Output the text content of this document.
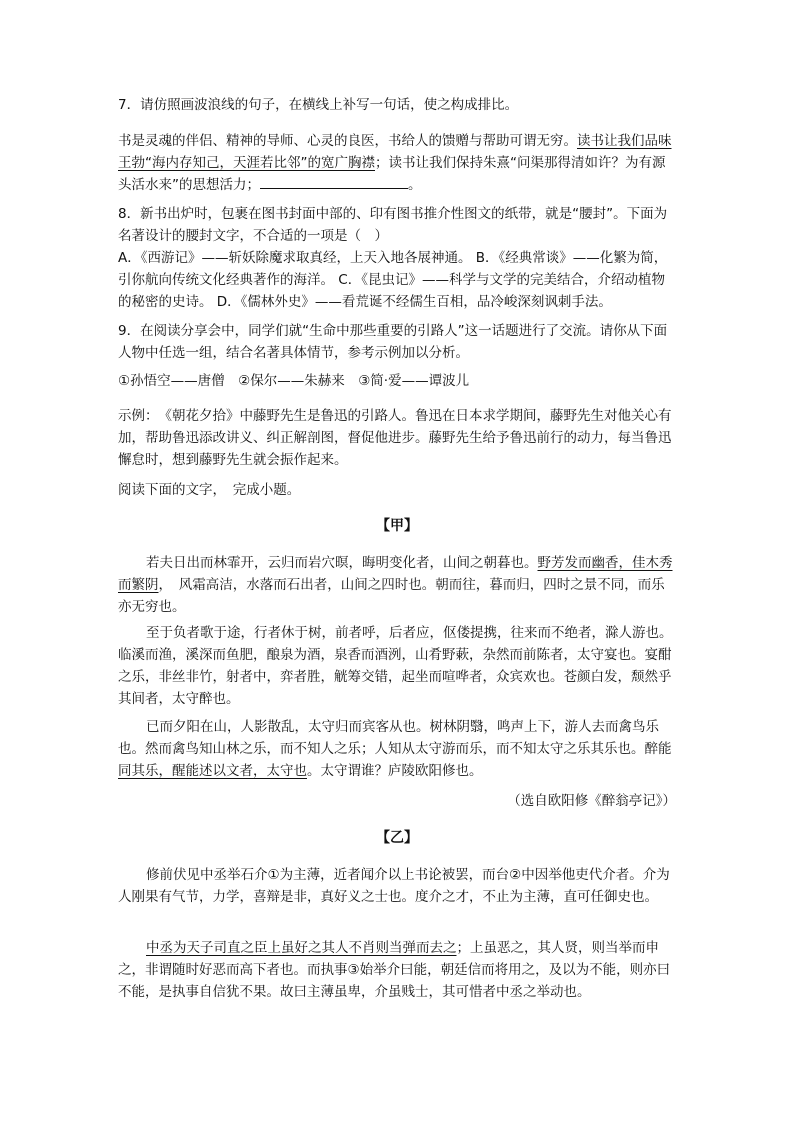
7．请仿照画波浪线的句子，在横线上补写一句话，使之构成排比。

书是灵魂的伴侣、精神的导师、心灵的良医，书给人的馈赠与帮助可谓无穷。读书让我们品味王勃“海内存知己，天涯若比邻”的宽广胸襟；读书让我们保持朱熹“问渠那得清如许？为有源头活水来”的思想活力；	。

8．新书出炉时，包裹在图书封面中部的、印有图书推介性图文的纸带，就是“腰封”。下面为名著设计的腰封文字，不合适的一项是（　）

A．《西游记》——斩妖除魔求取真经，上天入地各展神通。 B．《经典常谈》——化繁为简，引你航向传统文化经典著作的海洋。 C．《昆虫记》——科学与文学的完美结合，介绍动植物的秘密的史诗。 D．《儒林外史》——看荒诞不经儒生百相，品冷峻深刻讽刺手法。

9．在阅读分享会中，同学们就“生命中那些重要的引路人”这一话题进行了交流。请你从下面人物中任选一组，结合名著具体情节，参考示例加以分析。

①孙悟空——唐僧　②保尔——朱赫来　③简·爱——谭波儿

示例：　《朝花夕拾》中藤野先生是鲁迅的引路人。鲁迅在日本求学期间，藤野先生对他关心有加，帮助鲁迅添改讲义、纠正解剖图，督促他进步。藤野先生给予鲁迅前行的动力，每当鲁迅懈怠时，想到藤野先生就会振作起来。

阅读下面的文字，　完成小题。

【甲】

若夫日出而林霏开，云归而岩穴暝，晦明变化者，山间之朝暮也。野芳发而幽香，佳木秀而繁阴，　风霜高洁，水落而石出者，山间之四时也。朝而往，暮而归，四时之景不同，而乐亦无穷也。

至于负者歌于途，行者休于树，前者呼，后者应，伛偻提携，往来而不绝者，滁人游也。临溪而渔，溪深而鱼肥，酿泉为酒，泉香而酒洌，山肴野蔌，杂然而前陈者，太守宴也。宴酣之乐，非丝非竹，射者中，弈者胜，觥筹交错，起坐而喧哗者，众宾欢也。苍颜白发，颓然乎其间者，太守醉也。

已而夕阳在山，人影散乱，太守归而宾客从也。树林阴翳，鸣声上下，游人去而禽鸟乐也。然而禽鸟知山林之乐，而不知人之乐；人知从太守游而乐，而不知太守之乐其乐也。醉能同其乐，醒能述以文者，太守也。太守谓谁？庐陵欧阳修也。

（选自欧阳修《醉翁亭记》）

【乙】

修前伏见中丞举石介①为主薄，近者闻介以上书论被罢，而台②中因举他吏代介者。介为人刚果有气节，力学，喜辩是非，真好义之士也。度介之才，不止为主薄，直可任御史也。

中丞为天子司直之臣上虽好之其人不肖则当弹而去之；上虽恶之，其人贤，则当举而申之，非谓随时好恶而高下者也。而执事③始举介曰能，朝廷信而将用之，及以为不能，则亦曰不能，是执事自信犹不果。故曰主薄虽卑，介虽贱士，其可惜者中丞之举动也。
